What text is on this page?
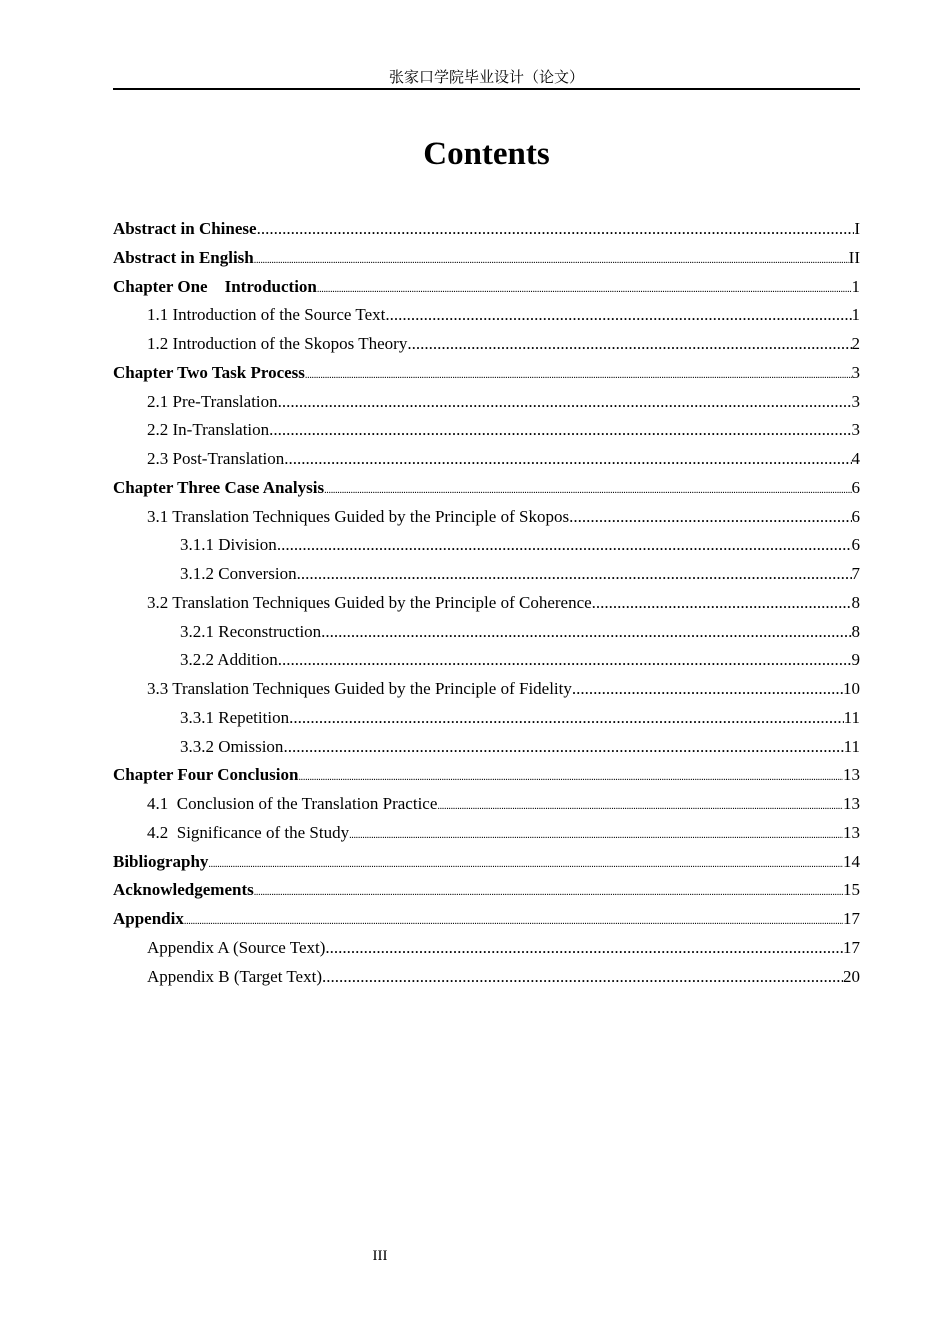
张家口学院毕业设计（论文）
Contents
Abstract in Chinese .....	I
Abstract in English .....	II
Chapter One    Introduction .....	1
1.1 Introduction of the Source Text .....	1
1.2 Introduction of the Skopos Theory .....	2
Chapter Two Task Process .....	3
2.1 Pre-Translation .....	3
2.2 In-Translation .....	3
2.3 Post-Translation .....	4
Chapter Three Case Analysis .....	6
3.1 Translation Techniques Guided by the Principle of Skopos .....	6
3.1.1 Division .....	6
3.1.2 Conversion .....	7
3.2 Translation Techniques Guided by the Principle of Coherence .....	8
3.2.1 Reconstruction .....	8
3.2.2 Addition .....	9
3.3 Translation Techniques Guided by the Principle of Fidelity .....	10
3.3.1 Repetition .....	11
3.3.2 Omission .....	11
Chapter Four Conclusion .....	13
4.1  Conclusion of the Translation Practice .....	13
4.2  Significance of the Study .....	13
Bibliography .....	14
Acknowledgements .....	15
Appendix .....	17
Appendix A (Source Text) .....	17
Appendix B (Target Text) .....	20
III
